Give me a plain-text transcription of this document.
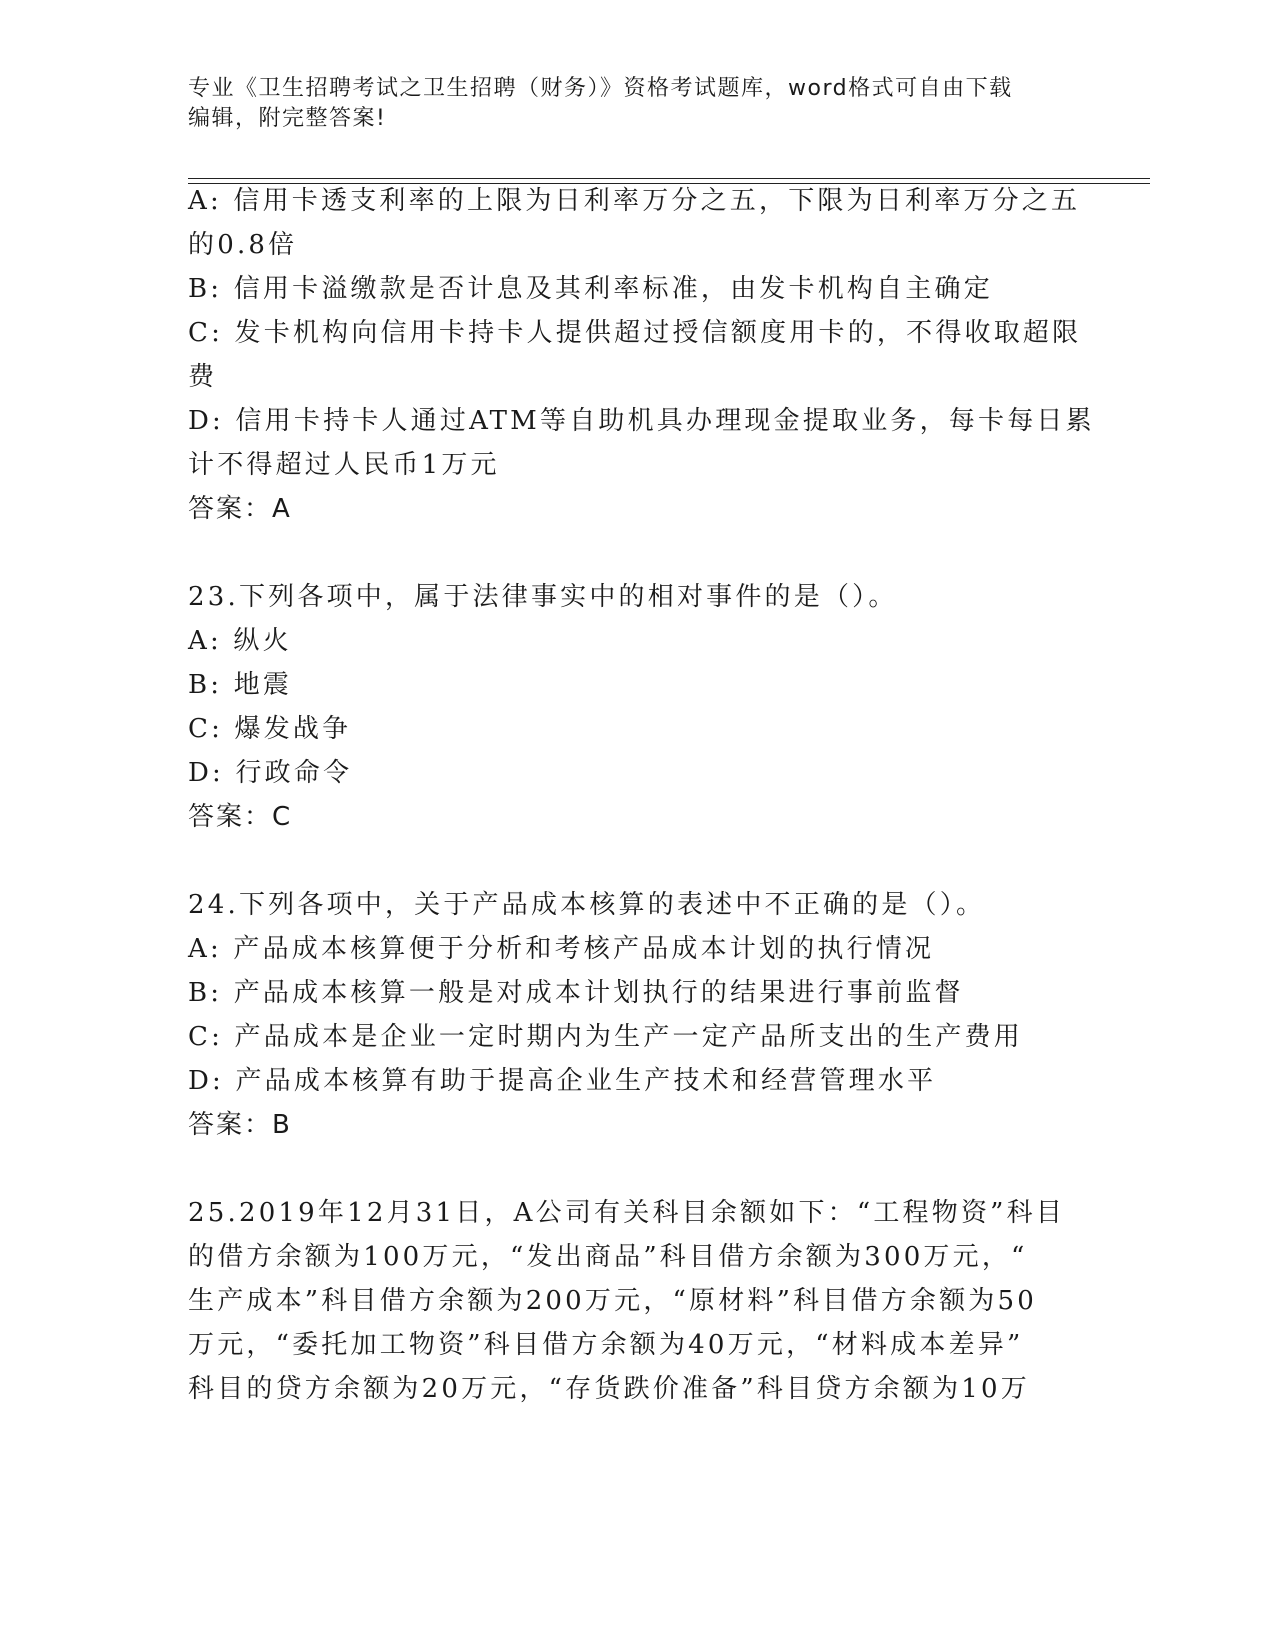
专业《卫生招聘考试之卫生招聘（财务）》资格考试题库，word格式可自由下载
编辑，附完整答案!
A: 信用卡透支利率的上限为日利率万分之五，下限为日利率万分之五
的0.8倍
B: 信用卡溢缴款是否计息及其利率标准，由发卡机构自主确定
C: 发卡机构向信用卡持卡人提供超过授信额度用卡的，不得收取超限
费
D: 信用卡持卡人通过ATM等自助机具办理现金提取业务，每卡每日累
计不得超过人民币1万元
答案：A
23.下列各项中，属于法律事实中的相对事件的是（）。
A: 纵火
B: 地震
C: 爆发战争
D: 行政命令
答案：C
24.下列各项中，关于产品成本核算的表述中不正确的是（）。
A: 产品成本核算便于分析和考核产品成本计划的执行情况
B: 产品成本核算一般是对成本计划执行的结果进行事前监督
C: 产品成本是企业一定时期内为生产一定产品所支出的生产费用
D: 产品成本核算有助于提高企业生产技术和经营管理水平
答案：B
25.2019年12月31日，A公司有关科目余额如下：“工程物资”科目
的借方余额为100万元，“发出商品”科目借方余额为300万元，“
生产成本”科目借方余额为200万元，“原材料”科目借方余额为50
万元，“委托加工物资”科目借方余额为40万元，“材料成本差异”
科目的贷方余额为20万元，“存货跌价准备”科目贷方余额为10万
